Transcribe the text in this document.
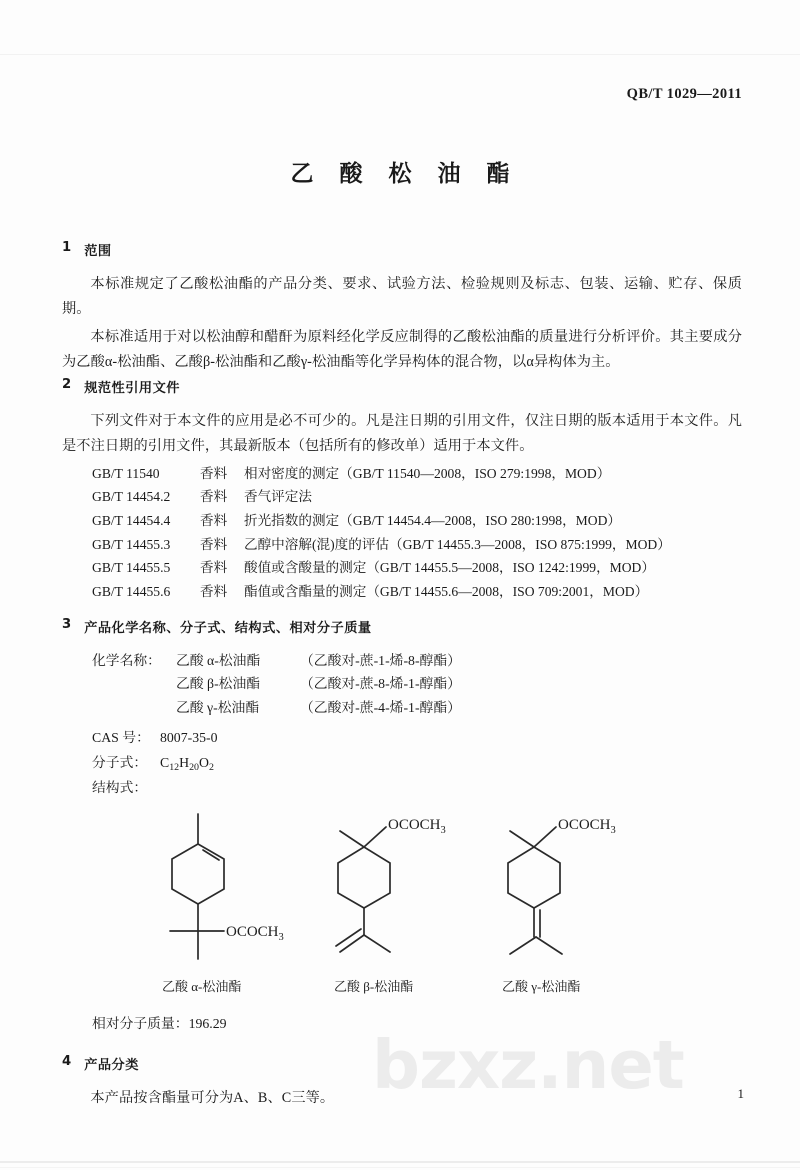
bzxz.net
QB/T 1029—2011
乙 酸 松 油 酯
1 范围

本标准规定了乙酸松油酯的产品分类、要求、试验方法、检验规则及标志、包装、运输、贮存、保质期。

本标准适用于对以松油醇和醋酐为原料经化学反应制得的乙酸松油酯的质量进行分析评价。其主要成分为乙酸α-松油酯、乙酸β-松油酯和乙酸γ-松油酯等化学异构体的混合物，以α异构体为主。

2 规范性引用文件

下列文件对于本文件的应用是必不可少的。凡是注日期的引用文件，仅注日期的版本适用于本文件。凡是不注日期的引用文件，其最新版本（包括所有的修改单）适用于本文件。

GB/T 11540	香料	相对密度的测定（GB/T 11540—2008，ISO 279:1998，MOD）
GB/T 14454.2	香料	香气评定法
GB/T 14454.4	香料	折光指数的测定（GB/T 14454.4—2008，ISO 280:1998，MOD）
GB/T 14455.3	香料	乙醇中溶解(混)度的评估（GB/T 14455.3—2008，ISO 875:1999，MOD）
GB/T 14455.5	香料	酸值或含酸量的测定（GB/T 14455.5—2008，ISO 1242:1999，MOD）
GB/T 14455.6	香料	酯值或含酯量的测定（GB/T 14455.6—2008，ISO 709:2001，MOD）
3 产品化学名称、分子式、结构式、相对分子质量
化学名称：	乙酸 α-松油酯	（乙酸对-蔗-1-烯-8-醇酯）
乙酸 β-松油酯	（乙酸对-蔗-8-烯-1-醇酯）
乙酸 γ-松油酯	（乙酸对-蔗-4-烯-1-醇酯）
CAS 号： 8007-35-0
分子式： $C_{12}H_{20}O_2$
结构式：
$OCOCH_3$
$OCOCH_3$	$OCOCH_3$
乙酸 α-松油酯	乙酸 β-松油酯	乙酸 γ-松油酯
相对分子质量：196.29
4 产品分类

本产品按含酯量可分为A、B、C三等。	1
